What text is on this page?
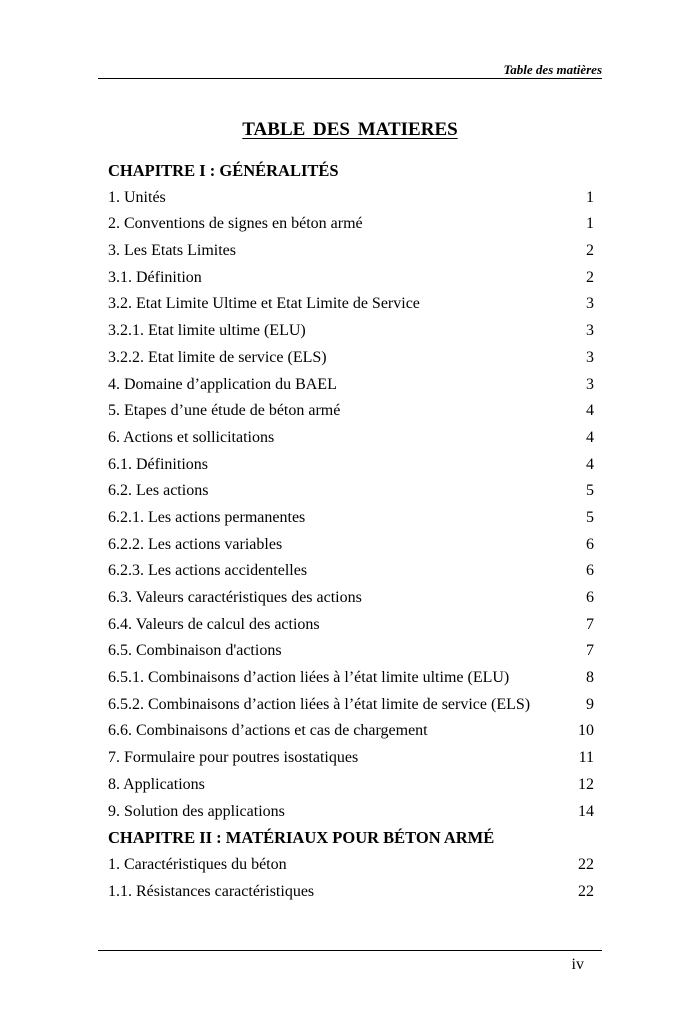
Table des matières
TABLE DES MATIERES
CHAPITRE I : GÉNÉRALITÉS
1. Unités	1
2. Conventions de signes en béton armé	1
3. Les Etats Limites	2
3.1. Définition	2
3.2. Etat Limite Ultime et Etat Limite de Service	3
3.2.1. Etat limite ultime (ELU)	3
3.2.2. Etat limite de service (ELS)	3
4. Domaine d’application du BAEL	3
5. Etapes d’une étude de béton armé	4
6. Actions et sollicitations	4
6.1. Définitions	4
6.2. Les actions	5
6.2.1. Les actions permanentes	5
6.2.2. Les actions variables	6
6.2.3. Les actions accidentelles	6
6.3. Valeurs caractéristiques des actions	6
6.4. Valeurs de calcul des actions	7
6.5. Combinaison d'actions	7
6.5.1. Combinaisons d’action liées à l’état limite ultime (ELU)	8
6.5.2. Combinaisons d’action liées à l’état limite de service (ELS)	9
6.6. Combinaisons d’actions et cas de chargement	10
7. Formulaire pour poutres isostatiques	11
8. Applications	12
9. Solution des applications	14
CHAPITRE II : MATÉRIAUX POUR BÉTON ARMÉ
1. Caractéristiques du béton	22
1.1. Résistances caractéristiques	22
iv
